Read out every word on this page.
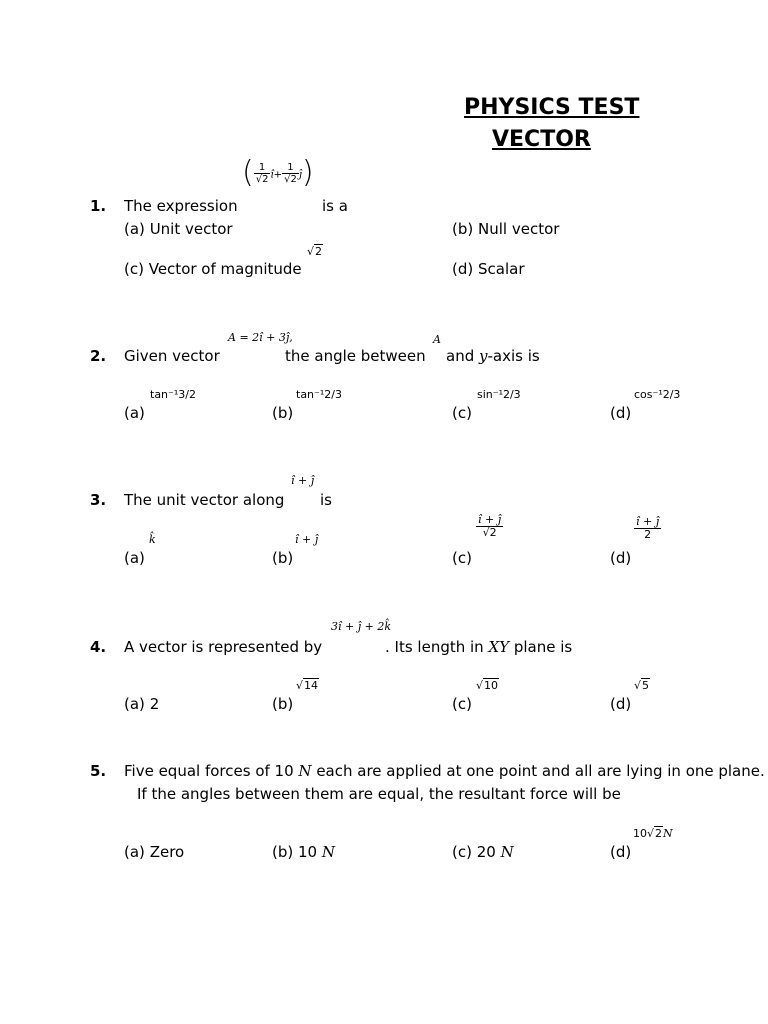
PHYSICS TEST
VECTOR
( $\frac{1}{√2}$ î+ $\frac{1}{√2}$ ĵ)
1. The expression	is a
(a) Unit vector	(b) Null vector
(c) Vector of magnitude
√2
(d) Scalar
A = 2î + 3ĵ,	A
2. Given vector	the angle between and y-axis is
(a)
tan⁻¹3/2
(b)
tan⁻¹2/3
(c)
sin⁻¹2/3
(d)
cos⁻¹2/3
î + ĵ
3. The unit vector along is
(a)
k̂
(b)
î + ĵ
(c)
$\frac{î + ĵ}{√2}$
(d)
$\frac{î + ĵ}{2}$
3î + ĵ + 2k̂
4. A vector is represented by	. Its length in XY plane is
(a) 2	(b)
√14
(c)
√10
(d)
√5
5. Five equal forces of 10 N each are applied at one point and all are lying in one plane.
If the angles between them are equal, the resultant force will be
(a) Zero	(b) 10 N	(c) 20 N	(d)
10√2N
